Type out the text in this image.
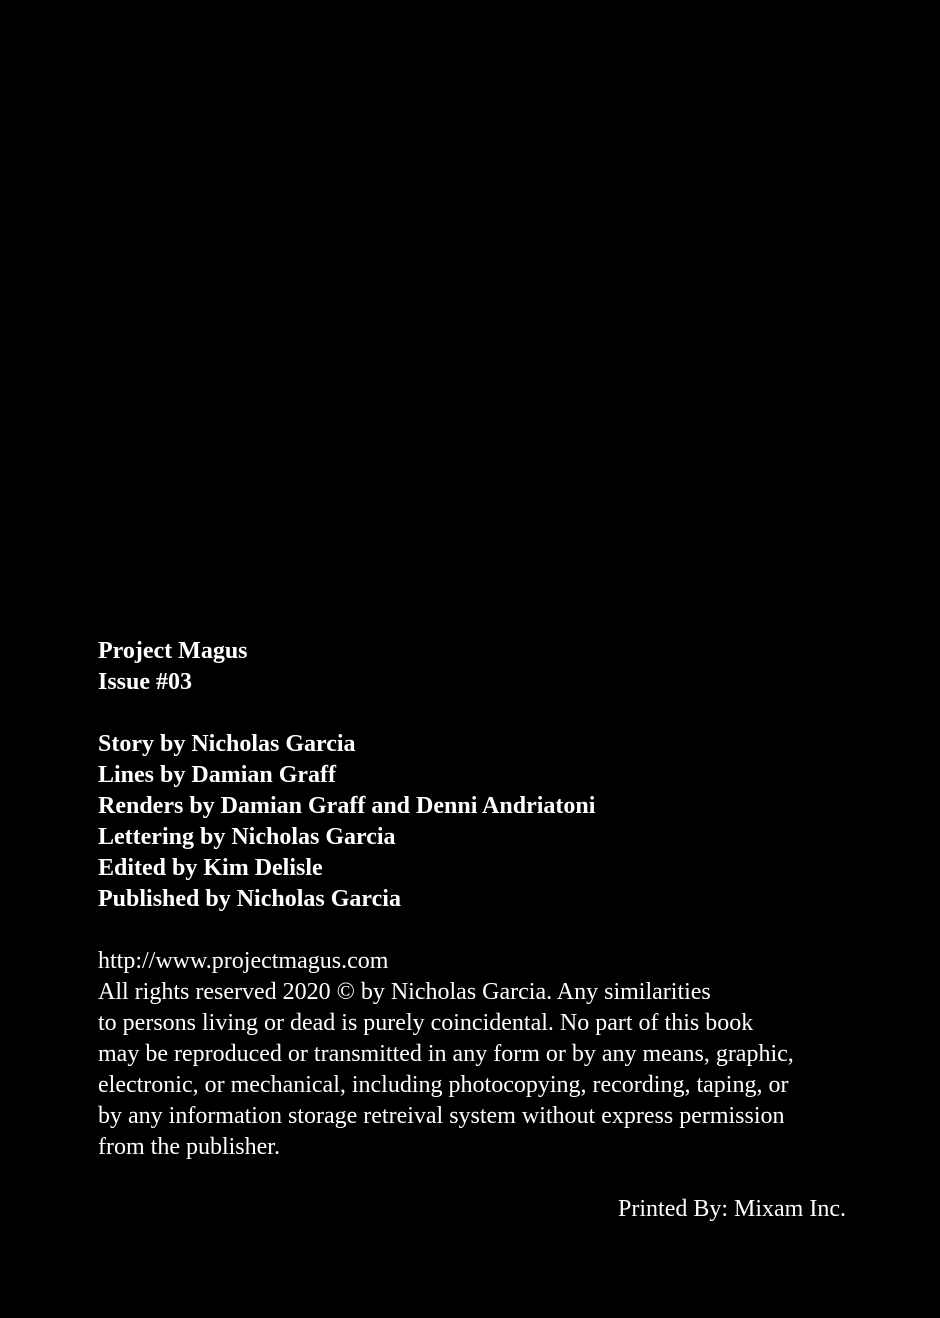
Project Magus
Issue #03
Story by Nicholas Garcia
Lines by Damian Graff
Renders by Damian Graff and Denni Andriatoni
Lettering by Nicholas Garcia
Edited by Kim Delisle
Published by Nicholas Garcia
http://www.projectmagus.com
All rights reserved 2020 © by Nicholas Garcia. Any similarities
to persons living or dead is purely coincidental. No part of this book
may be reproduced or transmitted in any form or by any means, graphic,
electronic, or mechanical, including photocopying, recording, taping, or
by any information storage retreival system without express permission
from the publisher.
Printed By: Mixam Inc.
